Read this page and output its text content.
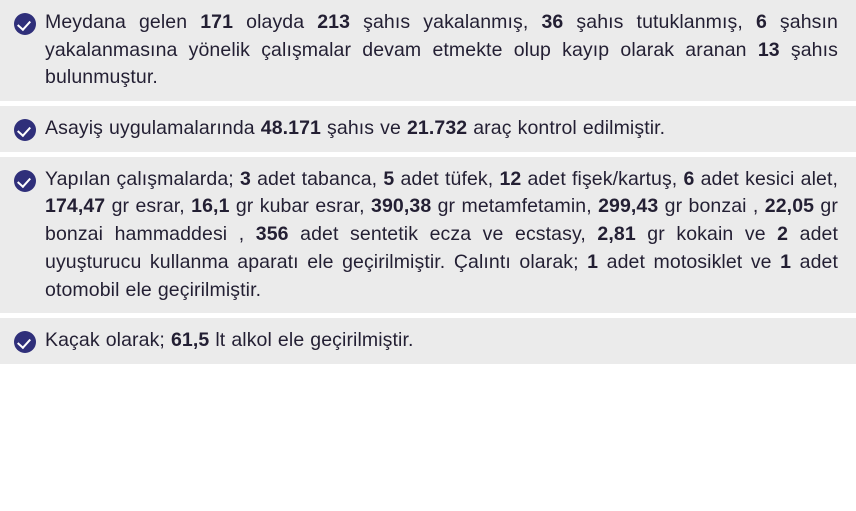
Meydana gelen 171 olayda 213 şahıs yakalanmış, 36 şahıs tutuklanmış, 6 şahsın yakalanmasına yönelik çalışmalar devam etmekte olup kayıp olarak aranan 13 şahıs bulunmuştur.
Asayiş uygulamalarında 48.171 şahıs ve 21.732 araç kontrol edilmiştir.
Yapılan çalışmalarda; 3 adet tabanca, 5 adet tüfek, 12 adet fişek/kartuş, 6 adet kesici alet, 174,47 gr esrar, 16,1 gr kubar esrar, 390,38 gr metamfetamin, 299,43 gr bonzai , 22,05 gr bonzai hammaddesi , 356 adet sentetik ecza ve ecstasy, 2,81 gr kokain ve 2 adet uyuşturucu kullanma aparatı ele geçirilmiştir. Çalıntı olarak; 1 adet motosiklet ve 1 adet otomobil ele geçirilmiştir.
Kaçak olarak; 61,5 lt alkol ele geçirilmiştir.
